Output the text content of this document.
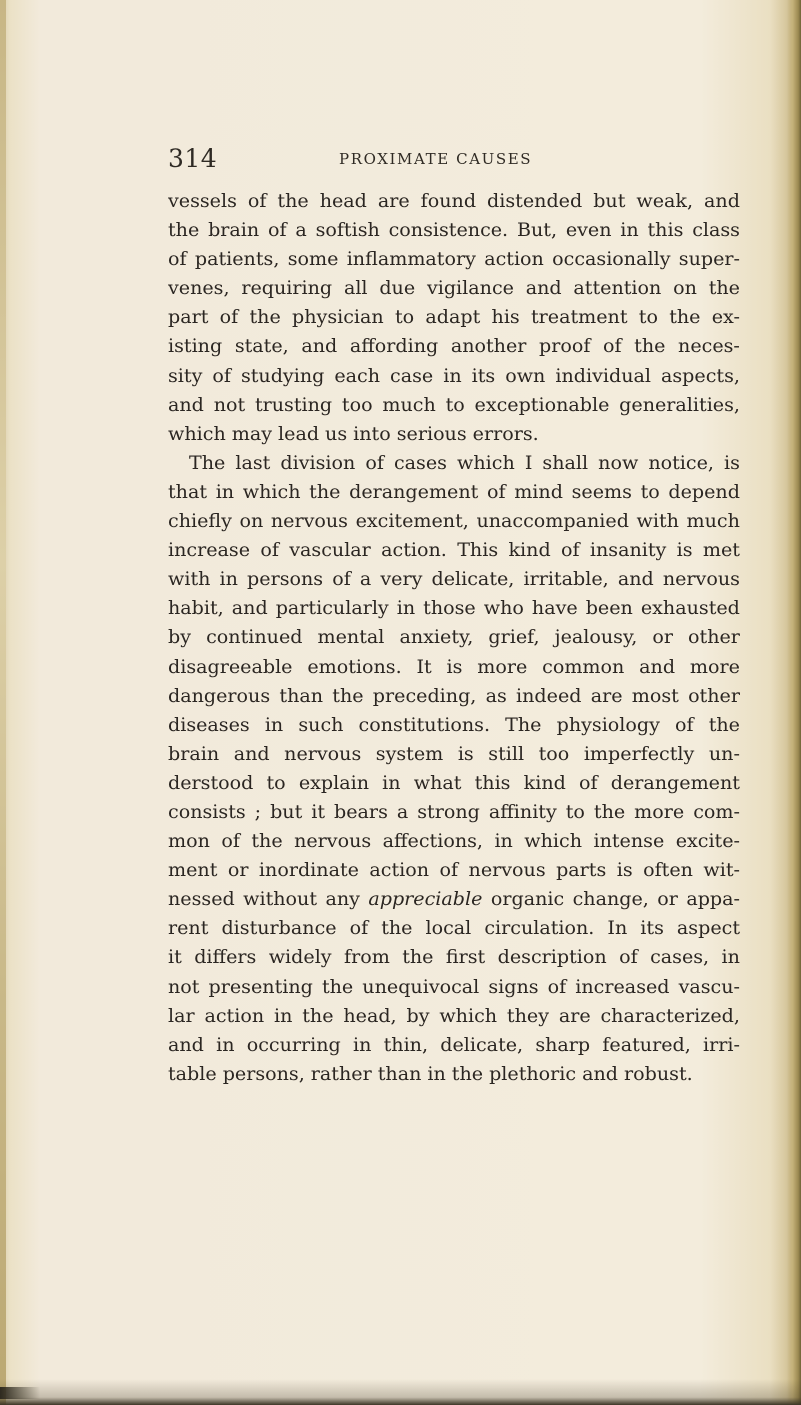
314	PROXIMATE CAUSES
vessels of the head are found distended but weak, and
the brain of a softish consistence. But, even in this class
of patients, some inflammatory action occasionally super-
venes, requiring all due vigilance and attention on the
part of the physician to adapt his treatment to the ex-
isting state, and affording another proof of the neces-
sity of studying each case in its own individual aspects,
and not trusting too much to exceptionable generalities,
which may lead us into serious errors.
The last division of cases which I shall now notice, is
that in which the derangement of mind seems to depend
chiefly on nervous excitement, unaccompanied with much
increase of vascular action. This kind of insanity is met
with in persons of a very delicate, irritable, and nervous
habit, and particularly in those who have been exhausted
by continued mental anxiety, grief, jealousy, or other
disagreeable emotions. It is more common and more
dangerous than the preceding, as indeed are most other
diseases in such constitutions. The physiology of the
brain and nervous system is still too imperfectly un-
derstood to explain in what this kind of derangement
consists ; but it bears a strong affinity to the more com-
mon of the nervous affections, in which intense excite-
ment or inordinate action of nervous parts is often wit-
nessed without any appreciable organic change, or appa-
rent disturbance of the local circulation. In its aspect
it differs widely from the first description of cases, in
not presenting the unequivocal signs of increased vascu-
lar action in the head, by which they are characterized,
and in occurring in thin, delicate, sharp featured, irri-
table persons, rather than in the plethoric and robust.
